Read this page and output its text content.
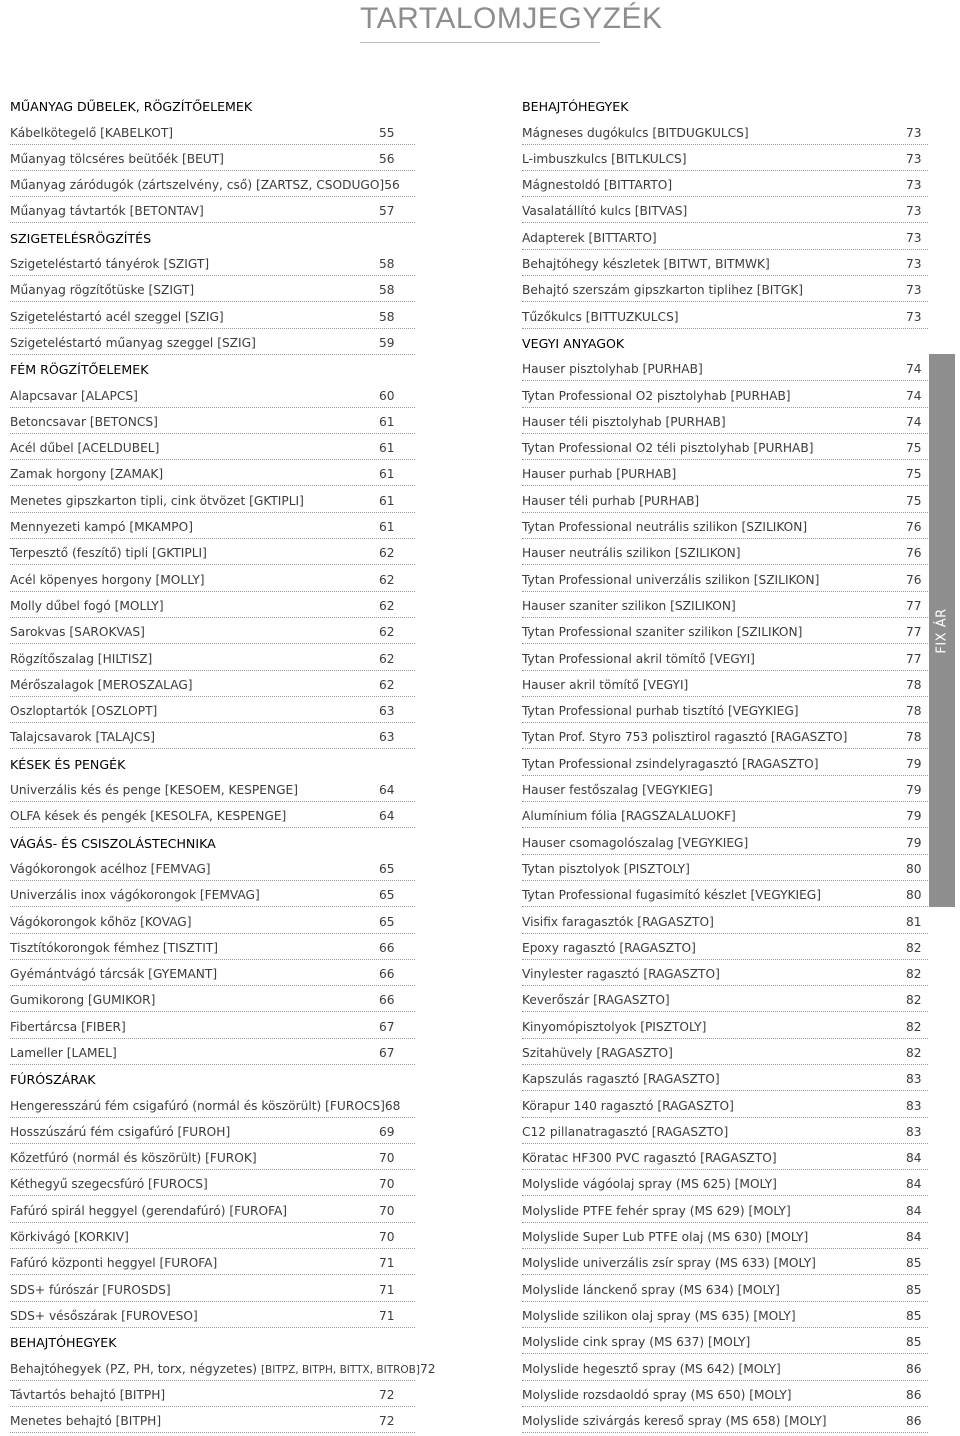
TARTALOMJEGYZÉK
MŰANYAG DŰBELEK, RÖGZÍTŐELEMEK
Kábelkötegelő [KABELKOT]	55
Műanyag tölcséres beütőék [BEUT]	56
Műanyag záródugók (zártszelvény, cső) [ZARTSZ, CSODUGO] 56
Műanyag távtartók [BETONTAV]	57
SZIGETELÉSRÖGZÍTÉS
Szigeteléstartó tányérok [SZIGT]	58
Műanyag rögzítőtüske [SZIGT]	58
Szigeteléstartó acél szeggel [SZIG]	58
Szigeteléstartó műanyag szeggel [SZIG]	59
FÉM RÖGZÍTŐELEMEK
Alapcsavar [ALAPCS]	60
Betoncsavar [BETONCS]	61
Acél dűbel [ACELDUBEL]	61
Zamak horgony [ZAMAK]	61
Menetes gipszkarton tipli, cink ötvözet [GKTIPLI]	61
Mennyezeti kampó [MKAMPO]	61
Terpesztő (feszítő) tipli [GKTIPLI]	62
Acél köpenyes horgony [MOLLY]	62
Molly dűbel fogó [MOLLY]	62
Sarokvas [SAROKVAS]	62
Rögzítőszalag [HILTISZ]	62
Mérőszalagok [MEROSZALAG]	62
Oszloptartók [OSZLOPT]	63
Talajcsavarok [TALAJCS]	63
KÉSEK ÉS PENGÉK
Univerzális kés és penge [KESOEM, KESPENGE]	64
OLFA kések és pengék [KESOLFA, KESPENGE]	64
VÁGÁS- ÉS CSISZOLÁSTECHNIKA
Vágókorongok acélhoz [FEMVAG]	65
Univerzális inox vágókorongok [FEMVAG]	65
Vágókorongok kőhöz [KOVAG]	65
Tisztítókorongok fémhez [TISZTIT]	66
Gyémántvágó tárcsák [GYEMANT]	66
Gumikorong [GUMIKOR]	66
Fibertárcsa [FIBER]	67
Lameller [LAMEL]	67
FÚRÓSZÁRAK
Hengeresszárú fém csigafúró (normál és köszörült) [FUROCS] 68
Hosszúszárú fém csigafúró [FUROH]	69
Kőzetfúró (normál és köszörült) [FUROK]	70
Kéthegyű szegecsfúró [FUROCS]	70
Fafúró spirál heggyel (gerendafúró) [FUROFA]	70
Körkivágó [KORKIV]	70
Fafúró központi heggyel [FUROFA]	71
SDS+ fúrószár [FUROSDS]	71
SDS+ vésőszárak [FUROVESO]	71
BEHAJTÓHEGYEK
Behajtóhegyek (PZ, PH, torx, négyzetes) [BITPZ, BITPH, BITTX, BITROB] 72
Távtartós behajtó [BITPH]	72
Menetes behajtó [BITPH]	72
BEHAJTÓHEGYEK
Mágneses dugókulcs [BITDUGKULCS]	73
L-imbuszkulcs [BITLKULCS]	73
Mágnestoldó [BITTARTO]	73
Vasalatállító kulcs [BITVAS]	73
Adapterek [BITTARTO]	73
Behajtóhegy készletek [BITWT, BITMWK]	73
Behajtó szerszám gipszkarton tiplihez [BITGK]	73
Tűzőkulcs [BITTUZKULCS]	73
VEGYI ANYAGOK
Hauser pisztolyhab [PURHAB]	74
Tytan Professional O2 pisztolyhab [PURHAB]	74
Hauser téli pisztolyhab [PURHAB]	74
Tytan Professional O2 téli pisztolyhab [PURHAB]	75
Hauser purhab [PURHAB]	75
Hauser téli purhab [PURHAB]	75
Tytan Professional neutrális szilikon [SZILIKON]	76
Hauser neutrális szilikon [SZILIKON]	76
Tytan Professional univerzális szilikon [SZILIKON]	76
Hauser szaniter szilikon [SZILIKON]	77
Tytan Professional szaniter szilikon [SZILIKON]	77
Tytan Professional akril tömítő [VEGYI]	77
Hauser akril tömítő [VEGYI]	78
Tytan Professional purhab tisztító [VEGYKIEG]	78
Tytan Prof. Styro 753 polisztirol ragasztó [RAGASZTO]	78
Tytan Professional zsindelyragasztó [RAGASZTO]	79
Hauser festőszalag [VEGYKIEG]	79
Alumínium fólia [RAGSZALALUOKF]	79
Hauser csomagolószalag [VEGYKIEG]	79
Tytan pisztolyok [PISZTOLY]	80
Tytan Professional fugasimító készlet [VEGYKIEG]	80
Visifix faragasztók [RAGASZTO]	81
Epoxy ragasztó [RAGASZTO]	82
Vinylester ragasztó [RAGASZTO]	82
Keverőszár [RAGASZTO]	82
Kinyomópisztolyok [PISZTOLY]	82
Szitahüvely [RAGASZTO]	82
Kapszulás ragasztó [RAGASZTO]	83
Körapur 140 ragasztó [RAGASZTO]	83
C12 pillanatragasztó [RAGASZTO]	83
Köratac HF300 PVC ragasztó [RAGASZTO]	84
Molyslide vágóolaj spray (MS 625) [MOLY]	84
Molyslide PTFE fehér spray (MS 629) [MOLY]	84
Molyslide Super Lub PTFE olaj (MS 630) [MOLY]	84
Molyslide univerzális zsír spray (MS 633) [MOLY]	85
Molyslide lánckenő spray (MS 634) [MOLY]	85
Molyslide szilikon olaj spray (MS 635) [MOLY]	85
Molyslide cink spray (MS 637) [MOLY]	85
Molyslide hegesztő spray (MS 642) [MOLY]	86
Molyslide rozsdaoldó spray (MS 650) [MOLY]	86
Molyslide szivárgás kereső spray (MS 658) [MOLY]	86
FIX ÁR
